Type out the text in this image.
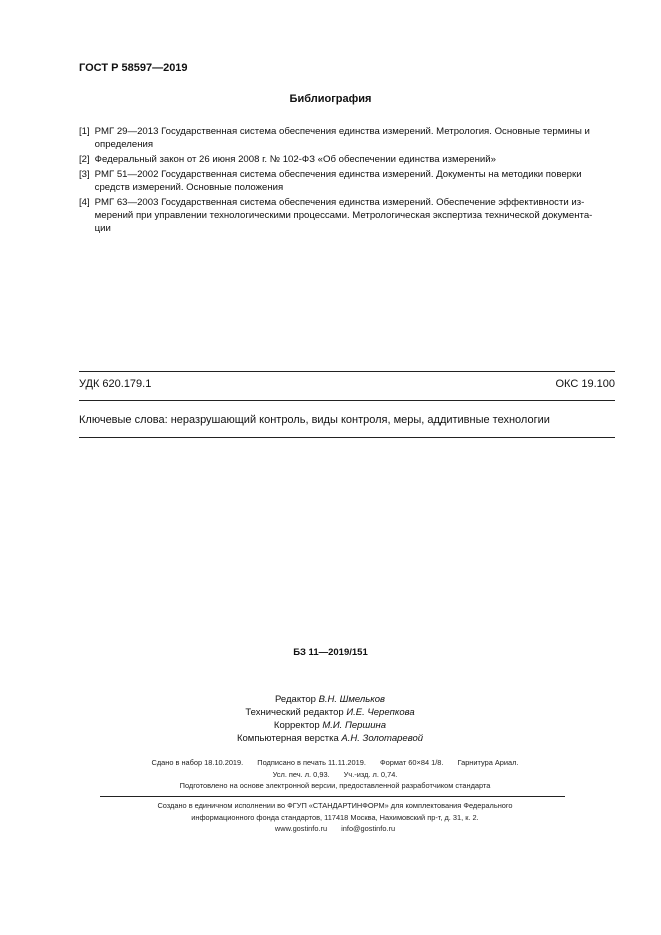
ГОСТ Р 58597—2019
Библиография
[1] РМГ 29—2013 Государственная система обеспечения единства измерений. Метрология. Основные термины и
определения
[2] Федеральный закон от 26 июня 2008 г. № 102-ФЗ «Об обеспечении единства измерений»
[3] РМГ 51—2002 Государственная система обеспечения единства измерений. Документы на методики поверки
средств измерений. Основные положения
[4] РМГ 63—2003 Государственная система обеспечения единства измерений. Обеспечение эффективности из-
мерений при управлении технологическими процессами. Метрологическая экспертиза технической документа-
ции
УДК 620.179.1	ОКС 19.100
Ключевые слова: неразрушающий контроль, виды контроля, меры, аддитивные технологии
БЗ 11—2019/151
Редактор В.Н. Шмельков
Технический редактор И.Е. Черепкова
Корректор М.И. Першина
Компьютерная верстка А.Н. Золотаревой
Сдано в набор 18.10.2019. Подписано в печать 11.11.2019. Формат 60×84 1/8. Гарнитура Ариал.
Усл. печ. л. 0,93. Уч.-изд. л. 0,74.
Подготовлено на основе электронной версии, предоставленной разработчиком стандарта
Создано в единичном исполнении во ФГУП «СТАНДАРТИНФОРМ» для комплектования Федерального
информационного фонда стандартов, 117418 Москва, Нахимовский пр-т, д. 31, к. 2.
www.gostinfo.ru info@gostinfo.ru
